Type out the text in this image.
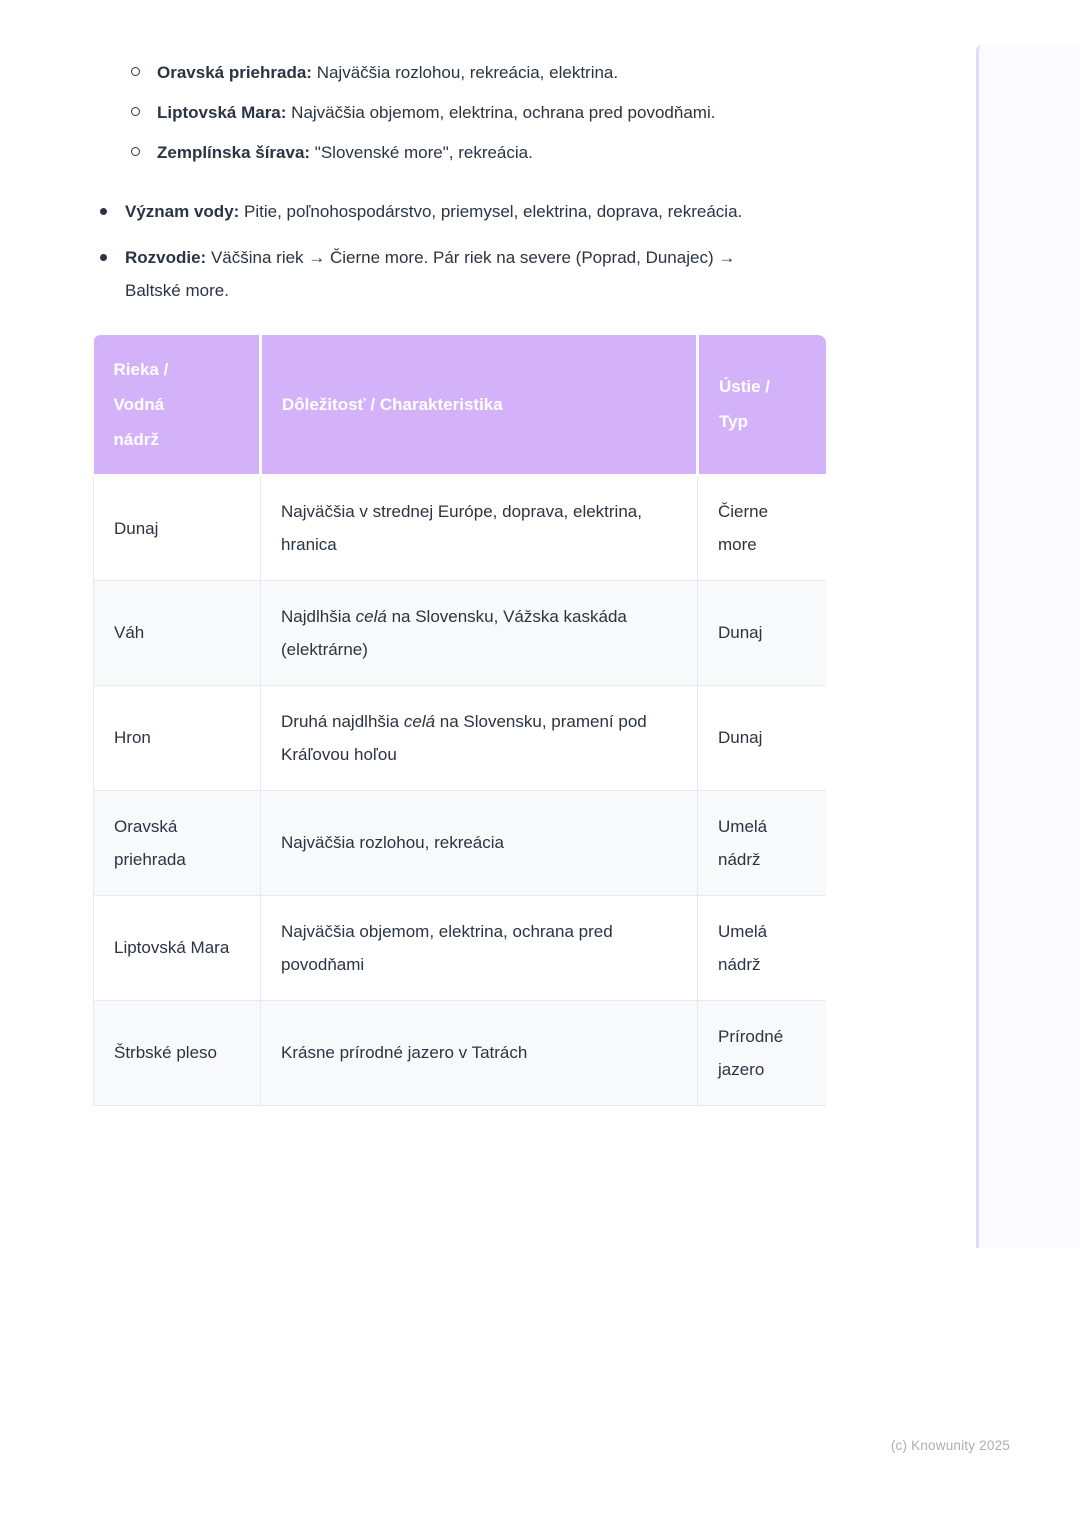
Oravská priehrada: Najväčšia rozlohou, rekreácia, elektrina.
Liptovská Mara: Najväčšia objemom, elektrina, ochrana pred povodňami.
Zemplínska šírava: "Slovenské more", rekreácia.
Význam vody: Pitie, poľnohospodárstvo, priemysel, elektrina, doprava, rekreácia.
Rozvodie: Väčšina riek → Čierne more. Pár riek na severe (Poprad, Dunajec) → Baltské more.
Rieka / Vodná nádrž	Dôležitosť / Charakteristika	Ústie / Typ
Dunaj	Najväčšia v strednej Európe, doprava, elektrina, hranica	Čierne more
Váh	Najdlhšia celá na Slovensku, Vážska kaskáda (elektrárne)	Dunaj
Hron	Druhá najdlhšia celá na Slovensku, pramení pod Kráľovou hoľou	Dunaj
Oravská priehrada	Najväčšia rozlohou, rekreácia	Umelá nádrž
Liptovská Mara	Najväčšia objemom, elektrina, ochrana pred povodňami	Umelá nádrž
Štrbské pleso	Krásne prírodné jazero v Tatrách	Prírodné jazero
(c) Knowunity 2025
